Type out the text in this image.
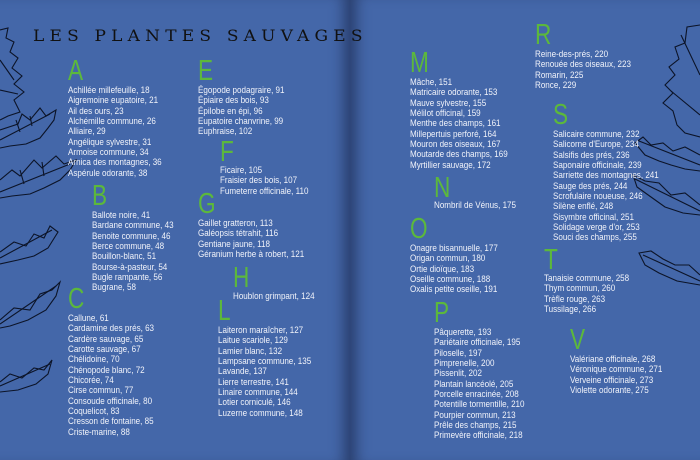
LES PLANTES SAUVAGES
A
Achillée millefeuille, 18
Aigremoine eupatoire, 21
Ail des ours, 23
Alchémille commune, 26
Alliaire, 29
Angélique sylvestre, 31
Armoise commune, 34
Arnica des montagnes, 36
Aspérule odorante, 38
B
Ballote noire, 41
Bardane commune, 43
Benoite commune, 46
Berce commune, 48
Bouillon-blanc, 51
Bourse-à-pasteur, 54
Bugle rampante, 56
Bugrane, 58
C
Callune, 61
Cardamine des prés, 63
Cardère sauvage, 65
Carotte sauvage, 67
Chélidoine, 70
Chénopode blanc, 72
Chicorée, 74
Cirse commun, 77
Consoude officinale, 80
Coquelicot, 83
Cresson de fontaine, 85
Criste-marine, 88
E
Égopode podagraire, 91
Épiaire des bois, 93
Épilobe en épi, 96
Eupatoire chanvrine, 99
Euphraise, 102
F
Ficaire, 105
Fraisier des bois, 107
Fumeterre officinale, 110
G
Gaillet gratteron, 113
Galéopsis tétrahit, 116
Gentiane jaune, 118
Géranium herbe à robert, 121
H
Houblon grimpant, 124
L
Laiteron maraîcher, 127
Laitue scariole, 129
Lamier blanc, 132
Lampsane commune, 135
Lavande, 137
Lierre terrestre, 141
Linaire commune, 144
Lotier corniculé, 146
Luzerne commune, 148
M
Mâche, 151
Matricaire odorante, 153
Mauve sylvestre, 155
Mélilot officinal, 159
Menthe des champs, 161
Millepertuis perforé, 164
Mouron des oiseaux, 167
Moutarde des champs, 169
Myrtillier sauvage, 172
N
Nombril de Vénus, 175
O
Onagre bisannuelle, 177
Origan commun, 180
Ortie dioïque, 183
Oseille commune, 188
Oxalis petite oseille, 191
P
Pâquerette, 193
Pariétaire officinale, 195
Piloselle, 197
Pimprenelle, 200
Pissenlit, 202
Plantain lancéolé, 205
Porcelle enracinée, 208
Potentille tormentille, 210
Pourpier commun, 213
Prêle des champs, 215
Primevère officinale, 218
R
Reine-des-prés, 220
Renouée des oiseaux, 223
Romarin, 225
Ronce, 229
S
Salicaire commune, 232
Salicorne d'Europe, 234
Salsifis des prés, 236
Saponaire officinale, 239
Sarriette des montagnes, 241
Sauge des prés, 244
Scrofulaire noueuse, 246
Silène enflé, 248
Sisymbre officinal, 251
Solidage verge d'or, 253
Souci des champs, 255
T
Tanaisie commune, 258
Thym commun, 260
Trèfle rouge, 263
Tussilage, 266
V
Valériane officinale, 268
Véronique commune, 271
Verveine officinale, 273
Violette odorante, 275
